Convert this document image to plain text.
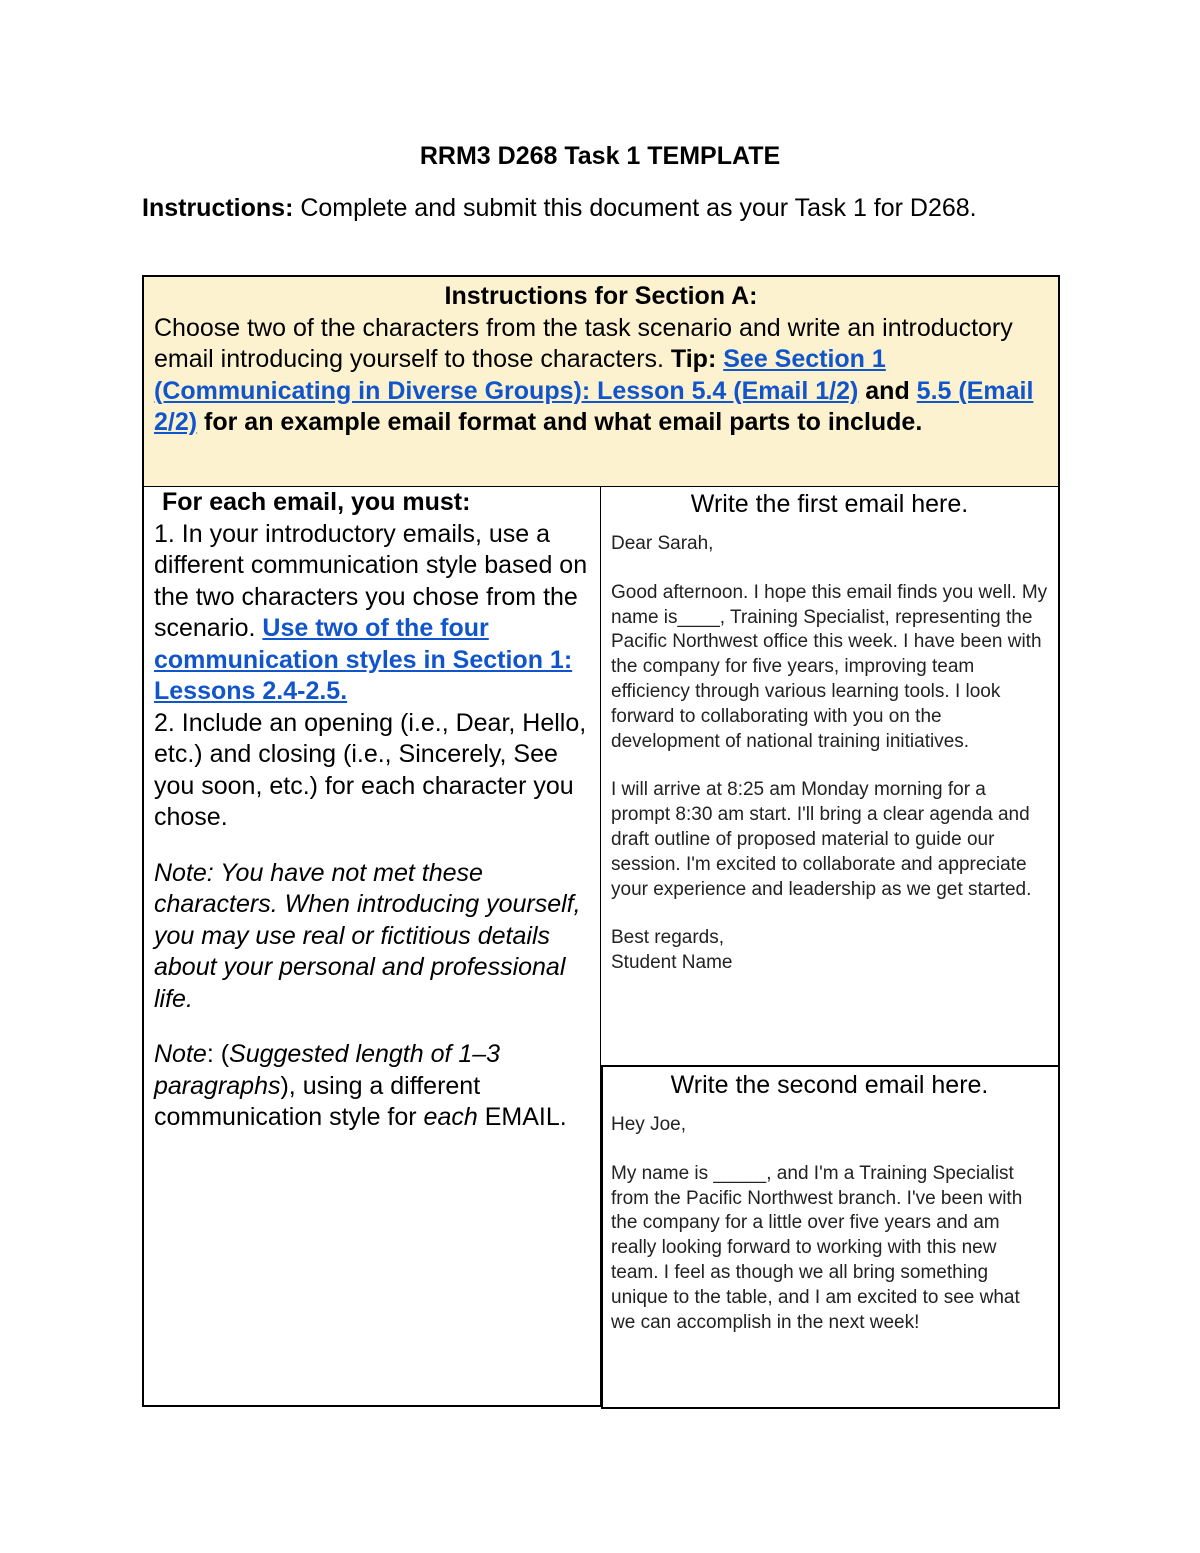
RRM3 D268 Task 1 TEMPLATE

Instructions: Complete and submit this document as your Task 1 for D268.

Instructions for Section A:
Choose two of the characters from the task scenario and write an introductory email introducing yourself to those characters. Tip: See Section 1 (Communicating in Diverse Groups): Lesson 5.4 (Email 1/2) and 5.5 (Email 2/2) for an example email format and what email parts to include.

For each email, you must:

1. In your introductory emails, use a different communication style based on the two characters you chose from the scenario. Use two of the four communication styles in Section 1: Lessons 2.4-2.5.

2. Include an opening (i.e., Dear, Hello, etc.) and closing (i.e., Sincerely, See you soon, etc.) for each character you chose.

Note: You have not met these characters. When introducing yourself, you may use real or fictitious details about your personal and professional life.

Note: (Suggested length of 1–3 paragraphs), using a different communication style for each EMAIL.

Write the first email here.

Dear Sarah,

Good afternoon. I hope this email finds you well. My name is____, Training Specialist, representing the Pacific Northwest office this week. I have been with the company for five years, improving team efficiency through various learning tools. I look forward to collaborating with you on the development of national training initiatives.

I will arrive at 8:25 am Monday morning for a prompt 8:30 am start. I'll bring a clear agenda and draft outline of proposed material to guide our session. I'm excited to collaborate and appreciate your experience and leadership as we get started.

Best regards,

Student Name

Write the second email here.

Hey Joe,

My name is _____, and I'm a Training Specialist from the Pacific Northwest branch. I've been with the company for a little over five years and am really looking forward to working with this new team. I feel as though we all bring something unique to the table, and I am excited to see what we can accomplish in the next week!
